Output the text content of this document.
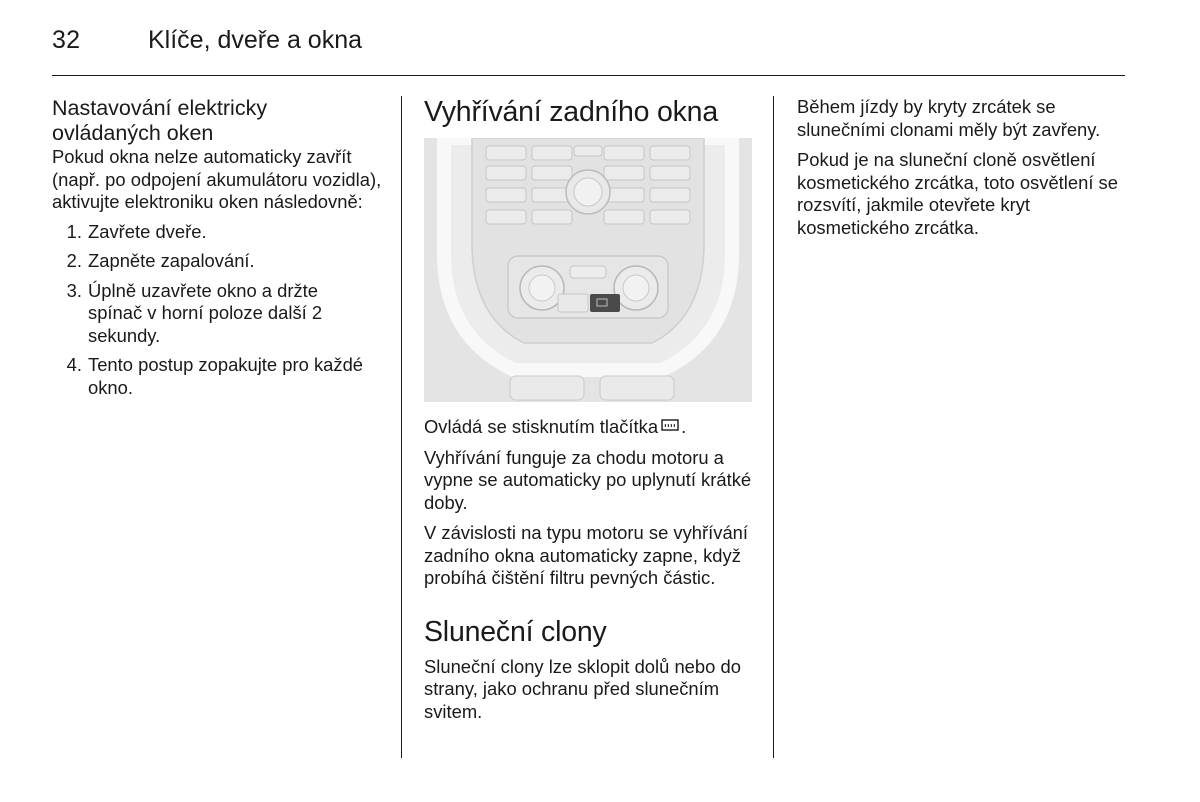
32	Klíče, dveře a okna
Nastavování elektricky
ovládaných oken

Pokud okna nelze automaticky zavřít (např. po odpojení akumulátoru vozidla), aktivujte elektroniku oken následovně:

1. Zavřete dveře.
2. Zapněte zapalování.
3. Úplně uzavřete okno a držte spínač v horní poloze další 2 sekundy.
4. Tento postup zopakujte pro každé okno.
Vyhřívání zadního okna

Ovládá se stisknutím tlačítka .

Vyhřívání funguje za chodu motoru a vypne se automaticky po uplynutí krátké doby.

V závislosti na typu motoru se vyhřívání zadního okna automaticky zapne, když probíhá čištění filtru pevných částic.

Sluneční clony

Sluneční clony lze sklopit dolů nebo do strany, jako ochranu před slunečním svitem.

Během jízdy by kryty zrcátek se slunečními clonami měly být zavřeny.

Pokud je na sluneční cloně osvětlení kosmetického zrcátka, toto osvětlení se rozsvítí, jakmile otevřete kryt kosmetického zrcátka.
